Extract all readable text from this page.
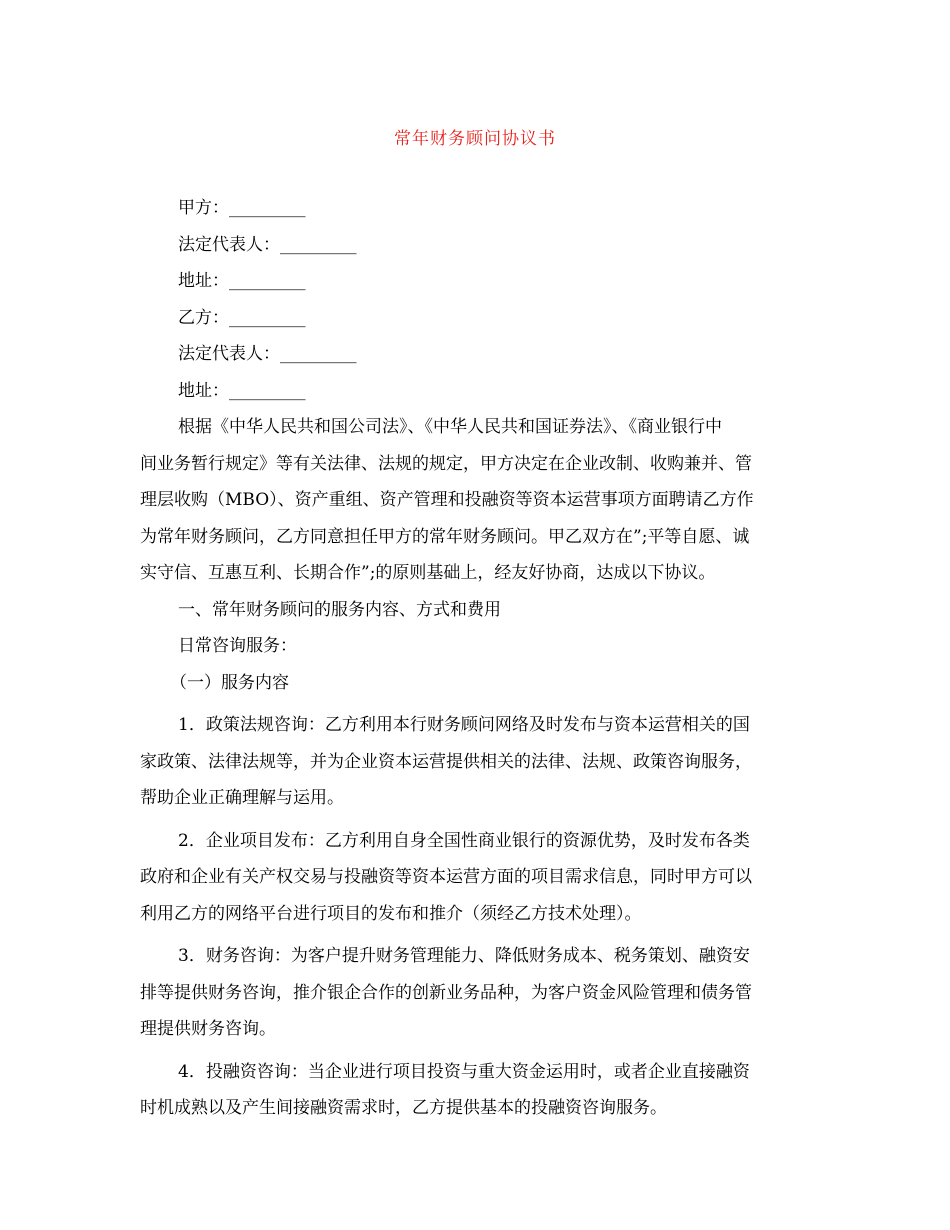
常年财务顾问协议书
甲方：_________
法定代表人：_________
地址：_________
乙方：_________
法定代表人：_________
地址：_________
根据《中华人民共和国公司法》、《中华人民共和国证券法》、《商业银行中
间业务暂行规定》等有关法律、法规的规定，甲方决定在企业改制、收购兼并、管
理层收购（MBO）、资产重组、资产管理和投融资等资本运营事项方面聘请乙方作
为常年财务顾问，乙方同意担任甲方的常年财务顾问。甲乙双方在”;平等自愿、诚
实守信、互惠互利、长期合作”;的原则基础上，经友好协商，达成以下协议。
一、常年财务顾问的服务内容、方式和费用
日常咨询服务：
（一）服务内容
1．政策法规咨询：乙方利用本行财务顾问网络及时发布与资本运营相关的国
家政策、法律法规等，并为企业资本运营提供相关的法律、法规、政策咨询服务，
帮助企业正确理解与运用。
2．企业项目发布：乙方利用自身全国性商业银行的资源优势，及时发布各类
政府和企业有关产权交易与投融资等资本运营方面的项目需求信息，同时甲方可以
利用乙方的网络平台进行项目的发布和推介（须经乙方技术处理）。
3．财务咨询：为客户提升财务管理能力、降低财务成本、税务策划、融资安
排等提供财务咨询，推介银企合作的创新业务品种，为客户资金风险管理和债务管
理提供财务咨询。
4．投融资咨询：当企业进行项目投资与重大资金运用时，或者企业直接融资
时机成熟以及产生间接融资需求时，乙方提供基本的投融资咨询服务。
